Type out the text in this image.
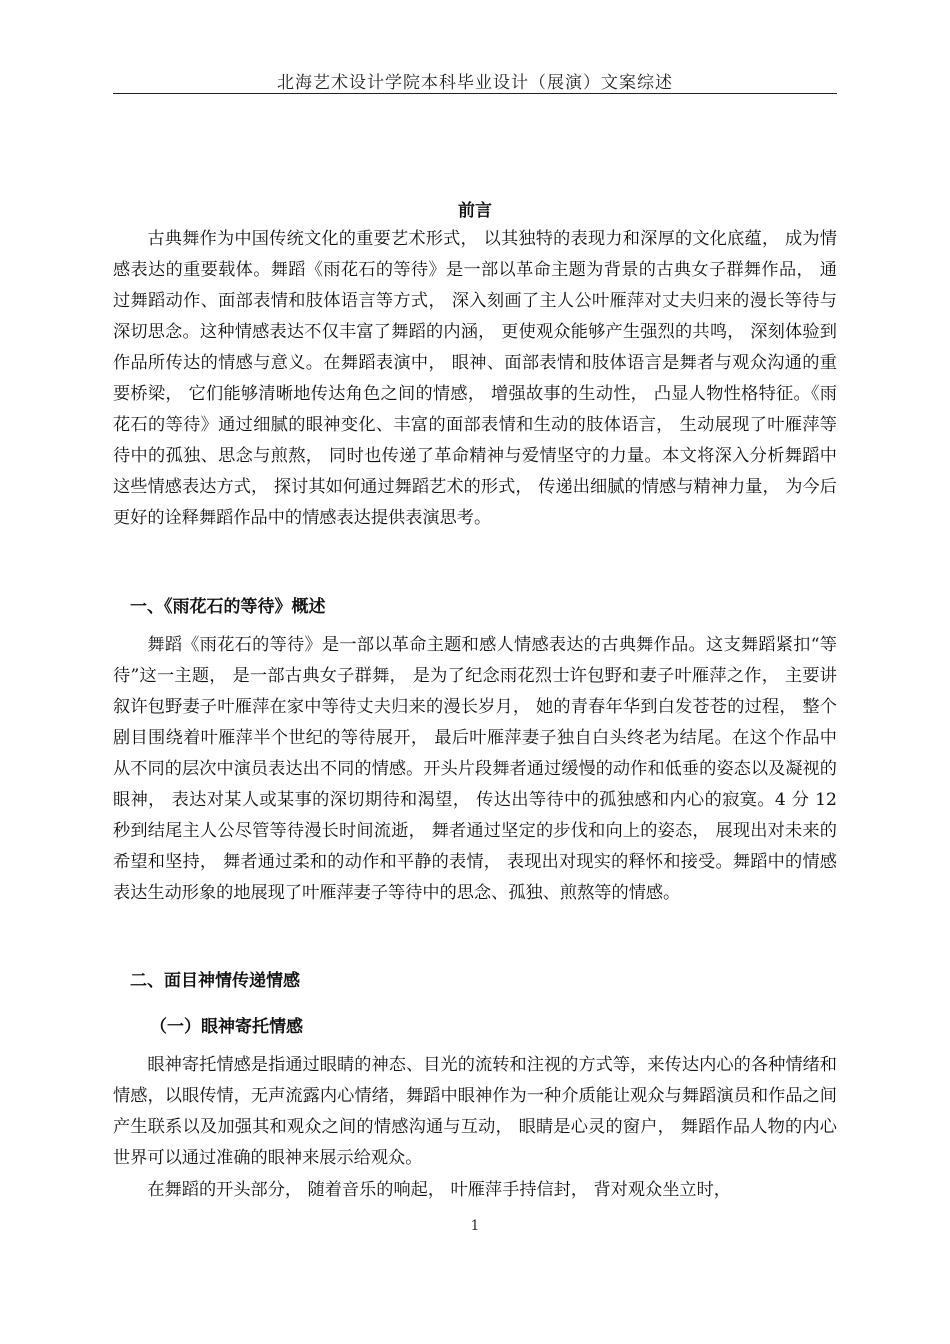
北海艺术设计学院本科毕业设计（展演）文案综述
前言

古典舞作为中国传统文化的重要艺术形式， 以其独特的表现力和深厚的文化底蕴， 成为情感表达的重要载体。舞蹈《雨花石的等待》是一部以革命主题为背景的古典女子群舞作品， 通过舞蹈动作、面部表情和肢体语言等方式， 深入刻画了主人公叶雁萍对丈夫归来的漫长等待与深切思念。这种情感表达不仅丰富了舞蹈的内涵， 更使观众能够产生强烈的共鸣， 深刻体验到作品所传达的情感与意义。在舞蹈表演中， 眼神、面部表情和肢体语言是舞者与观众沟通的重要桥梁， 它们能够清晰地传达角色之间的情感， 增强故事的生动性， 凸显人物性格特征。《雨花石的等待》通过细腻的眼神变化、丰富的面部表情和生动的肢体语言， 生动展现了叶雁萍等待中的孤独、思念与煎熬， 同时也传递了革命精神与爱情坚守的力量。本文将深入分析舞蹈中这些情感表达方式， 探讨其如何通过舞蹈艺术的形式， 传递出细腻的情感与精神力量， 为今后更好的诠释舞蹈作品中的情感表达提供表演思考。

一、《雨花石的等待》概述

舞蹈《雨花石的等待》是一部以革命主题和感人情感表达的古典舞作品。这支舞蹈紧扣“等待”这一主题， 是一部古典女子群舞， 是为了纪念雨花烈士许包野和妻子叶雁萍之作， 主要讲叙许包野妻子叶雁萍在家中等待丈夫归来的漫长岁月， 她的青春年华到白发苍苍的过程， 整个剧目围绕着叶雁萍半个世纪的等待展开， 最后叶雁萍妻子独自白头终老为结尾。在这个作品中从不同的层次中演员表达出不同的情感。开头片段舞者通过缓慢的动作和低垂的姿态以及凝视的眼神， 表达对某人或某事的深切期待和渴望， 传达出等待中的孤独感和内心的寂寞。4 分 12 秒到结尾主人公尽管等待漫长时间流逝， 舞者通过坚定的步伐和向上的姿态， 展现出对未来的希望和坚持， 舞者通过柔和的动作和平静的表情， 表现出对现实的释怀和接受。舞蹈中的情感表达生动形象的地展现了叶雁萍妻子等待中的思念、孤独、煎熬等的情感。

二、面目神情传递情感
（一）眼神寄托情感

眼神寄托情感是指通过眼睛的神态、目光的流转和注视的方式等，来传达内心的各种情绪和情感，以眼传情，无声流露内心情绪，舞蹈中眼神作为一种介质能让观众与舞蹈演员和作品之间产生联系以及加强其和观众之间的情感沟通与互动， 眼睛是心灵的窗户， 舞蹈作品人物的内心世界可以通过准确的眼神来展示给观众。

在舞蹈的开头部分， 随着音乐的响起， 叶雁萍手持信封， 背对观众坐立时，

1
